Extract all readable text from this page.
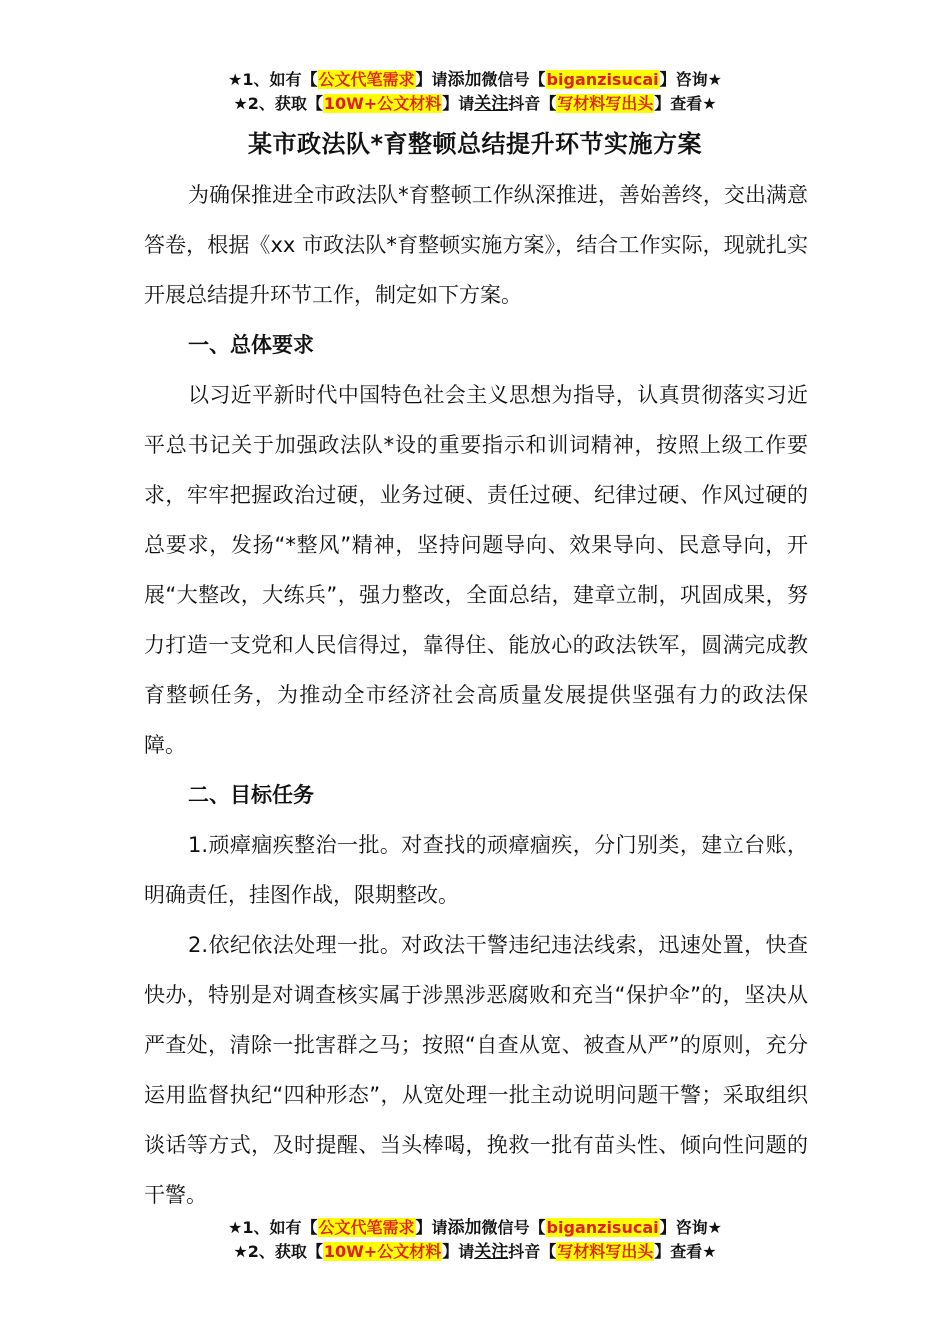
★1、如有【公文代笔需求】请添加微信号【biganzisucai】咨询★
★2、获取【10W+公文材料】请关注抖音【写材料写出头】查看★
某市政法队*育整顿总结提升环节实施方案

为确保推进全市政法队*育整顿工作纵深推进，善始善终，交出满意答卷，根据《xx 市政法队*育整顿实施方案》，结合工作实际，现就扎实开展总结提升环节工作，制定如下方案。

一、总体要求

以习近平新时代中国特色社会主义思想为指导，认真贯彻落实习近平总书记关于加强政法队*设的重要指示和训词精神，按照上级工作要求，牢牢把握政治过硬，业务过硬、责任过硬、纪律过硬、作风过硬的总要求，发扬“*整风”精神，坚持问题导向、效果导向、民意导向，开展“大整改，大练兵”，强力整改，全面总结，建章立制，巩固成果，努力打造一支党和人民信得过，靠得住、能放心的政法铁军，圆满完成教育整顿任务，为推动全市经济社会高质量发展提供坚强有力的政法保障。

二、目标任务

1.顽瘴痼疾整治一批。对查找的顽瘴痼疾，分门别类，建立台账，明确责任，挂图作战，限期整改。

2.依纪依法处理一批。对政法干警违纪违法线索，迅速处置，快查快办，特别是对调查核实属于涉黑涉恶腐败和充当“保护伞”的，坚决从严查处，清除一批害群之马；按照“自查从宽、被查从严”的原则，充分运用监督执纪“四种形态”，从宽处理一批主动说明问题干警；采取组织谈话等方式，及时提醒、当头棒喝，挽救一批有苗头性、倾向性问题的干警。

★1、如有【公文代笔需求】请添加微信号【biganzisucai】咨询★
★2、获取【10W+公文材料】请关注抖音【写材料写出头】查看★
